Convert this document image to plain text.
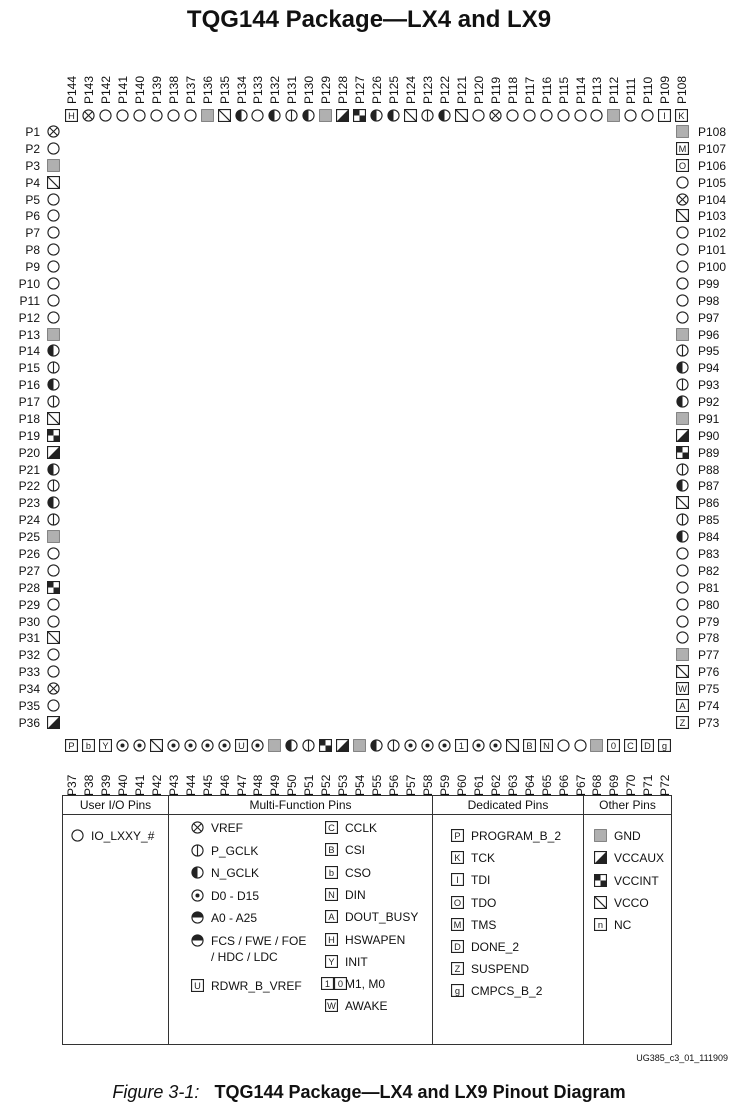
TQG144 Package—LX4 and LX9
H
P144 P143 P142 P141 P140 P139 P138 P137 P136 P135 P134 P133 P132 P131 P130 P129 P128 P127 P126 P125 P124 P123 P122 P121 P120 P119 P118 P117 P116 P115 P114 P113 P112 P111 P110
I
P109
K
P108
P1
P2
P3
P4
P5
P6
P7
P8
P9
P10
P11
P12
P13
P14
P15
P16
P17
P18
P19
P20
P21
P22
P23
P24
P25
P26
P27
P28
P29
P30
P31
P32
P33
P34
P35
P36
P108
M P107
O P106
P105
P104
P103
P102
P101
P100
P99
P98
P97
P96
P95
P94
P93
P92
P91
P90
P89
P88
P87
P86
P85
P84
P83
P82
P81
P80
P79
P78
P77
P76
W P75
A P74
Z P73
P
P37
b
P38
Y
P39 P40 P41 P42 P43 P44 P45 P46
U
P47 P48 P49 P50 P51 P52 P53 P54 P55 P56 P57 P58 P59
1
P60 P61 P62 P63
B
P64
N
P65 P66 P67 P68
0
P69
C
P70
D
P71
g
P72
User I/O Pins
IO_LXXY_#
Multi-Function Pins
VREF
P_GCLK
N_GCLK
D0 - D15
A0 - A25
FCS / FWE / FOE
/ HDC / LDC
U RDWR_B_VREF
C CCLK
B CSI
b CSO
N DIN
A DOUT_BUSY
H HSWAPEN
Y INIT
1 0 M1, M0
W AWAKE
Dedicated Pins
P PROGRAM_B_2
K TCK
I TDI
O TDO
M TMS
D DONE_2
Z SUSPEND
g CMPCS_B_2
Other Pins
GND
VCCAUX
VCCINT
VCCO
n NC
UG385_c3_01_111909
Figure 3-1: TQG144 Package—LX4 and LX9 Pinout Diagram
